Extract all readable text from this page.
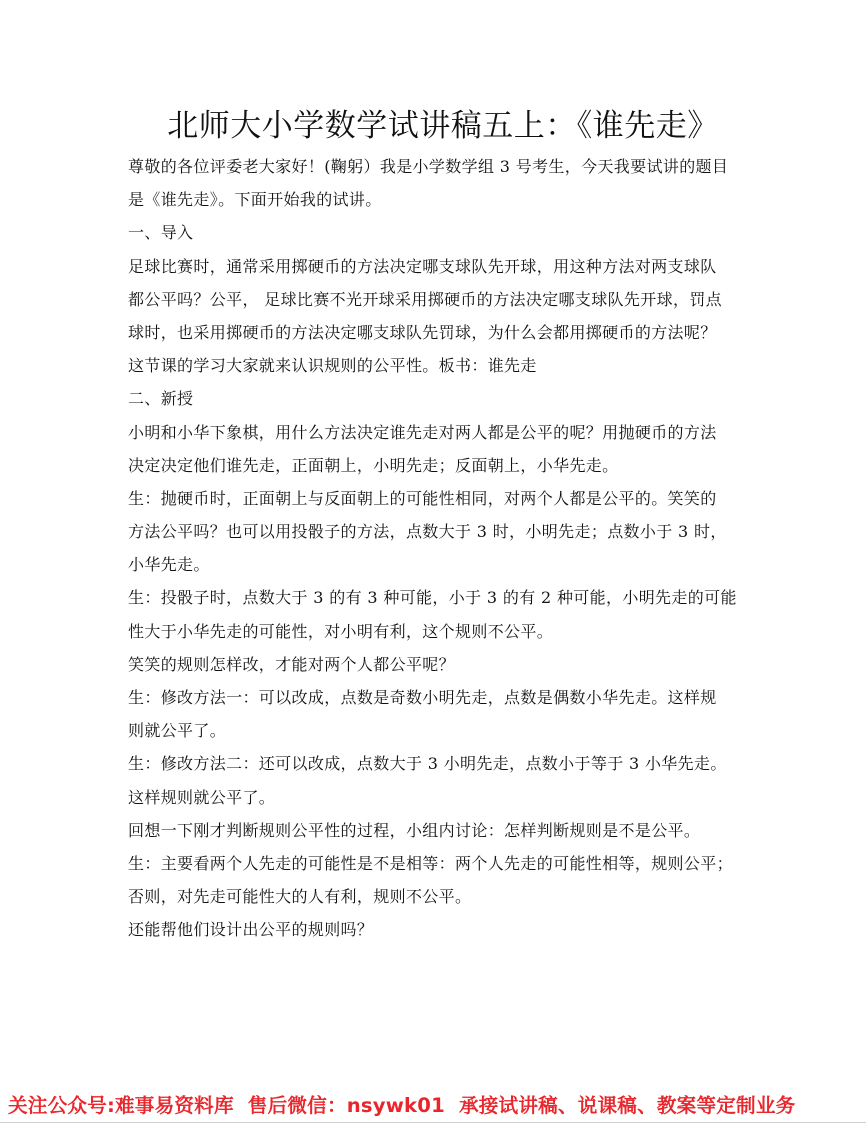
北师大小学数学试讲稿五上：《谁先走》
尊敬的各位评委老大家好！(鞠躬）我是小学数学组 3 号考生，今天我要试讲的题目
是《谁先走》。下面开始我的试讲。
一、导入
足球比赛时，通常采用掷硬币的方法决定哪支球队先开球，用这种方法对两支球队
都公平吗？公平， 足球比赛不光开球采用掷硬币的方法决定哪支球队先开球，罚点
球时，也采用掷硬币的方法决定哪支球队先罚球，为什么会都用掷硬币的方法呢？
这节课的学习大家就来认识规则的公平性。板书：谁先走
二、新授
小明和小华下象棋，用什么方法决定谁先走对两人都是公平的呢？用抛硬币的方法
决定决定他们谁先走，正面朝上，小明先走；反面朝上，小华先走。
生：抛硬币时，正面朝上与反面朝上的可能性相同，对两个人都是公平的。笑笑的
方法公平吗？也可以用投骰子的方法，点数大于 3 时，小明先走；点数小于 3 时，
小华先走。
生：投骰子时，点数大于 3 的有 3 种可能，小于 3 的有 2 种可能，小明先走的可能
性大于小华先走的可能性，对小明有利，这个规则不公平。
笑笑的规则怎样改，才能对两个人都公平呢？
生：修改方法一：可以改成，点数是奇数小明先走，点数是偶数小华先走。这样规
则就公平了。
生：修改方法二：还可以改成，点数大于 3 小明先走，点数小于等于 3 小华先走。
这样规则就公平了。
回想一下刚才判断规则公平性的过程，小组内讨论：怎样判断规则是不是公平。
生：主要看两个人先走的可能性是不是相等：两个人先走的可能性相等，规则公平；
否则，对先走可能性大的人有利，规则不公平。
还能帮他们设计出公平的规则吗？
关注公众号:难事易资料库 售后微信：nsywk01 承接试讲稿、说课稿、教案等定制业务
